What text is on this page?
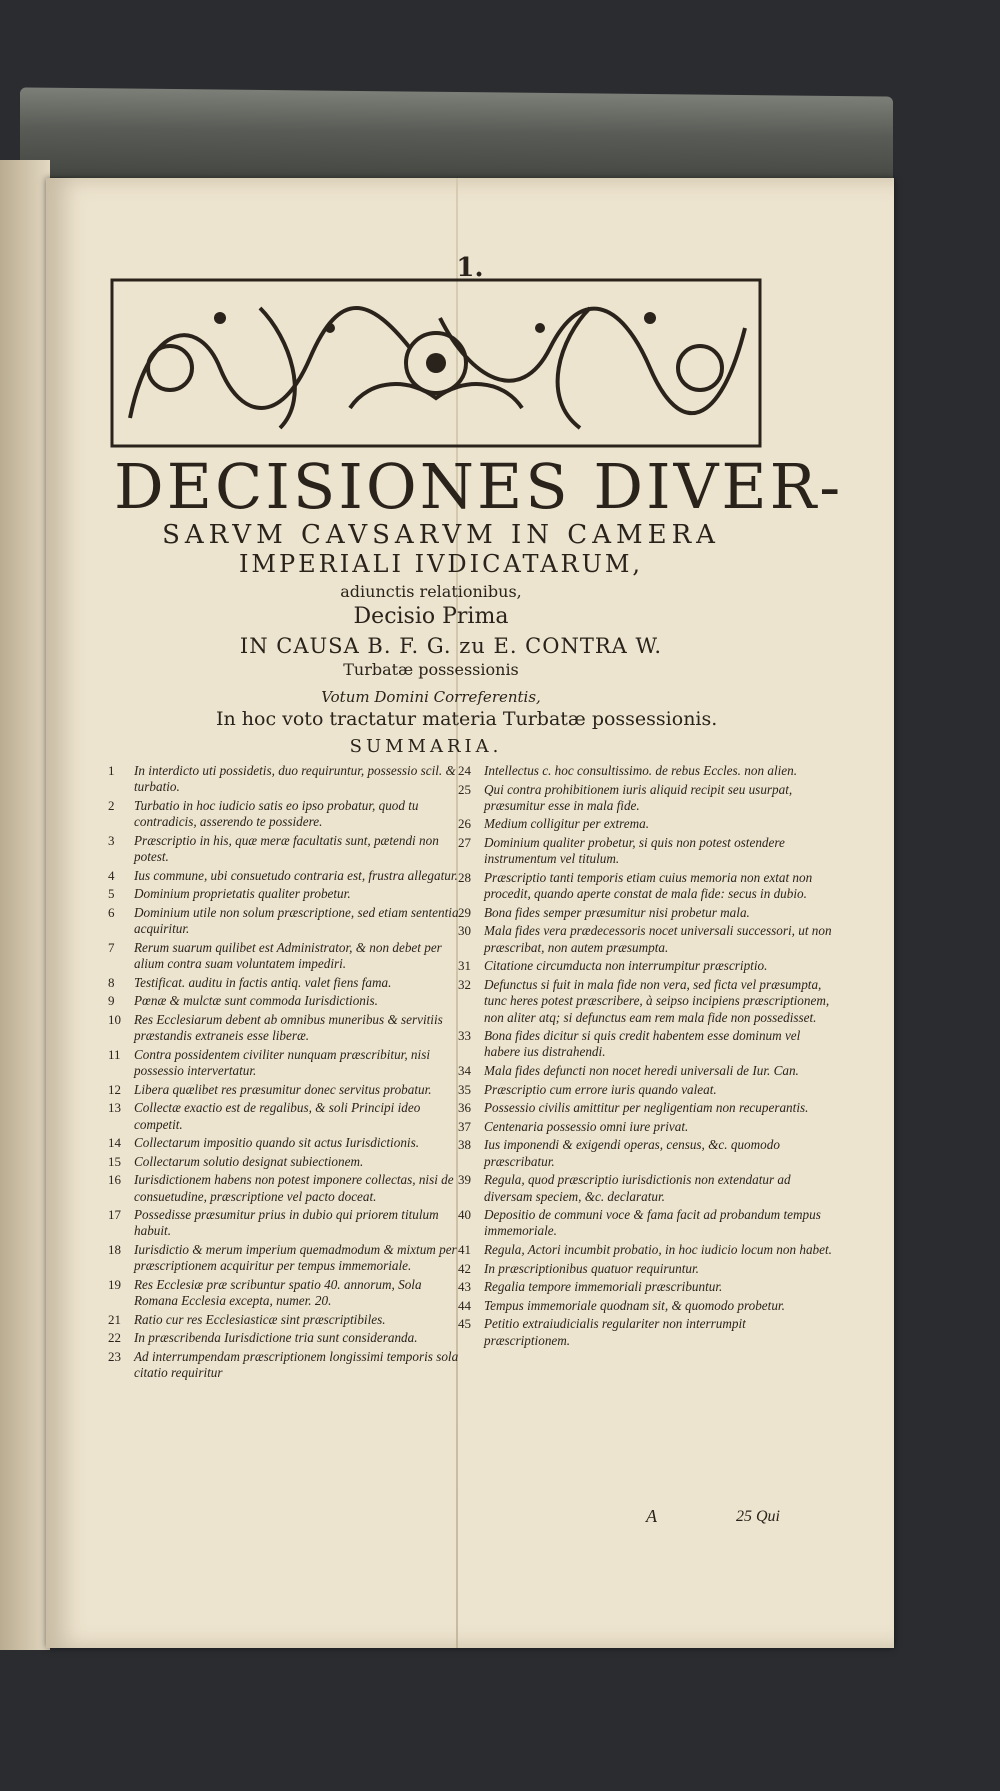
1.
DECISIONES DIVER-
SARVM CAVSARVM IN CAMERA
IMPERIALI IVDICATARUM,
adiunctis relationibus,
Decisio Prima
IN CAUSA B. F. G. zu E. CONTRA W.
Turbatæ possessionis
Votum Domini Correferentis,
In hoc voto tractatur materia Turbatæ possessionis.
SUMMARIA.
1	In interdicto uti possidetis, duo requiruntur, possessio scil. & turbatio.
2	Turbatio in hoc iudicio satis eo ipso probatur, quod tu contradicis, asserendo te possidere.
3	Præscriptio in his, quæ meræ facultatis sunt, pætendi non potest.
4	Ius commune, ubi consuetudo contraria est, frustra allegatur.
5	Dominium proprietatis qualiter probetur.
6	Dominium utile non solum præscriptione, sed etiam sententia acquiritur.
7	Rerum suarum quilibet est Administrator, & non debet per alium contra suam voluntatem impediri.
8	Testificat. auditu in factis antiq. valet fiens fama.
9	Pœnæ & mulctæ sunt commoda Iurisdictionis.
10 Res Ecclesiarum debent ab omnibus muneribus & servitiis præstandis extraneis esse liberæ.
11	Contra possidentem civiliter nunquam præscribitur, nisi possessio intervertatur.
12 Libera quælibet res præsumitur donec servitus probatur.
13 Collectæ exactio est de regalibus, & soli Principi ideo competit.
14 Collectarum impositio quando sit actus Iurisdictionis.
15 Collectarum solutio designat subiectionem.
16 Iurisdictionem habens non potest imponere collectas, nisi de consuetudine, præscriptione vel pacto doceat.
17 Possedisse præsumitur prius in dubio qui priorem titulum habuit.
18 Iurisdictio & merum imperium quemadmodum & mixtum per præscriptionem acquiritur per tempus immemoriale.
19 Res Ecclesiæ præ scribuntur spatio 40. annorum, Sola Romana Ecclesia excepta, numer. 20.
21 Ratio cur res Ecclesiasticæ sint præscriptibiles.
22 In præscribenda Iurisdictione tria sunt consideranda.
23 Ad interrumpendam præscriptionem longissimi temporis sola citatio requiritur
24 Intellectus c. hoc consultissimo. de rebus Eccles. non alien.
25 Qui contra prohibitionem iuris aliquid recipit seu usurpat, præsumitur esse in mala fide.
26 Medium colligitur per extrema.
27 Dominium qualiter probetur, si quis non potest ostendere instrumentum vel titulum.
28 Præscriptio tanti temporis etiam cuius memoria non extat non procedit, quando aperte constat de mala fide: secus in dubio.
29 Bona fides semper præsumitur nisi probetur mala.
30 Mala fides vera prædecessoris nocet universali successori, ut non præscribat, non autem præsumpta.
31 Citatione circumducta non interrumpitur præscriptio.
32 Defunctus si fuit in mala fide non vera, sed ficta vel præsumpta, tunc heres potest præscribere, à seipso incipiens præscriptionem, non aliter atq; si defunctus eam rem mala fide non possedisset.
33 Bona fides dicitur si quis credit habentem esse dominum vel habere ius distrahendi.
34 Mala fides defuncti non nocet heredi universali de Iur. Can.
35 Præscriptio cum errore iuris quando valeat.
36 Possessio civilis amittitur per negligentiam non recuperantis.
37 Centenaria possessio omni iure privat.
38 Ius imponendi & exigendi operas, census, &c. quomodo præscribatur.
39 Regula, quod præscriptio iurisdictionis non extendatur ad diversam speciem, &c. declaratur.
40 Depositio de communi voce & fama facit ad probandum tempus immemoriale.
41 Regula, Actori incumbit probatio, in hoc iudicio locum non habet.
42 In præscriptionibus quatuor requiruntur.
43 Regalia tempore immemoriali præscribuntur.
44 Tempus immemoriale quodnam sit, & quomodo probetur.
45 Petitio extraiudicialis regulariter non interrumpit præscriptionem.
A	25 Qui
